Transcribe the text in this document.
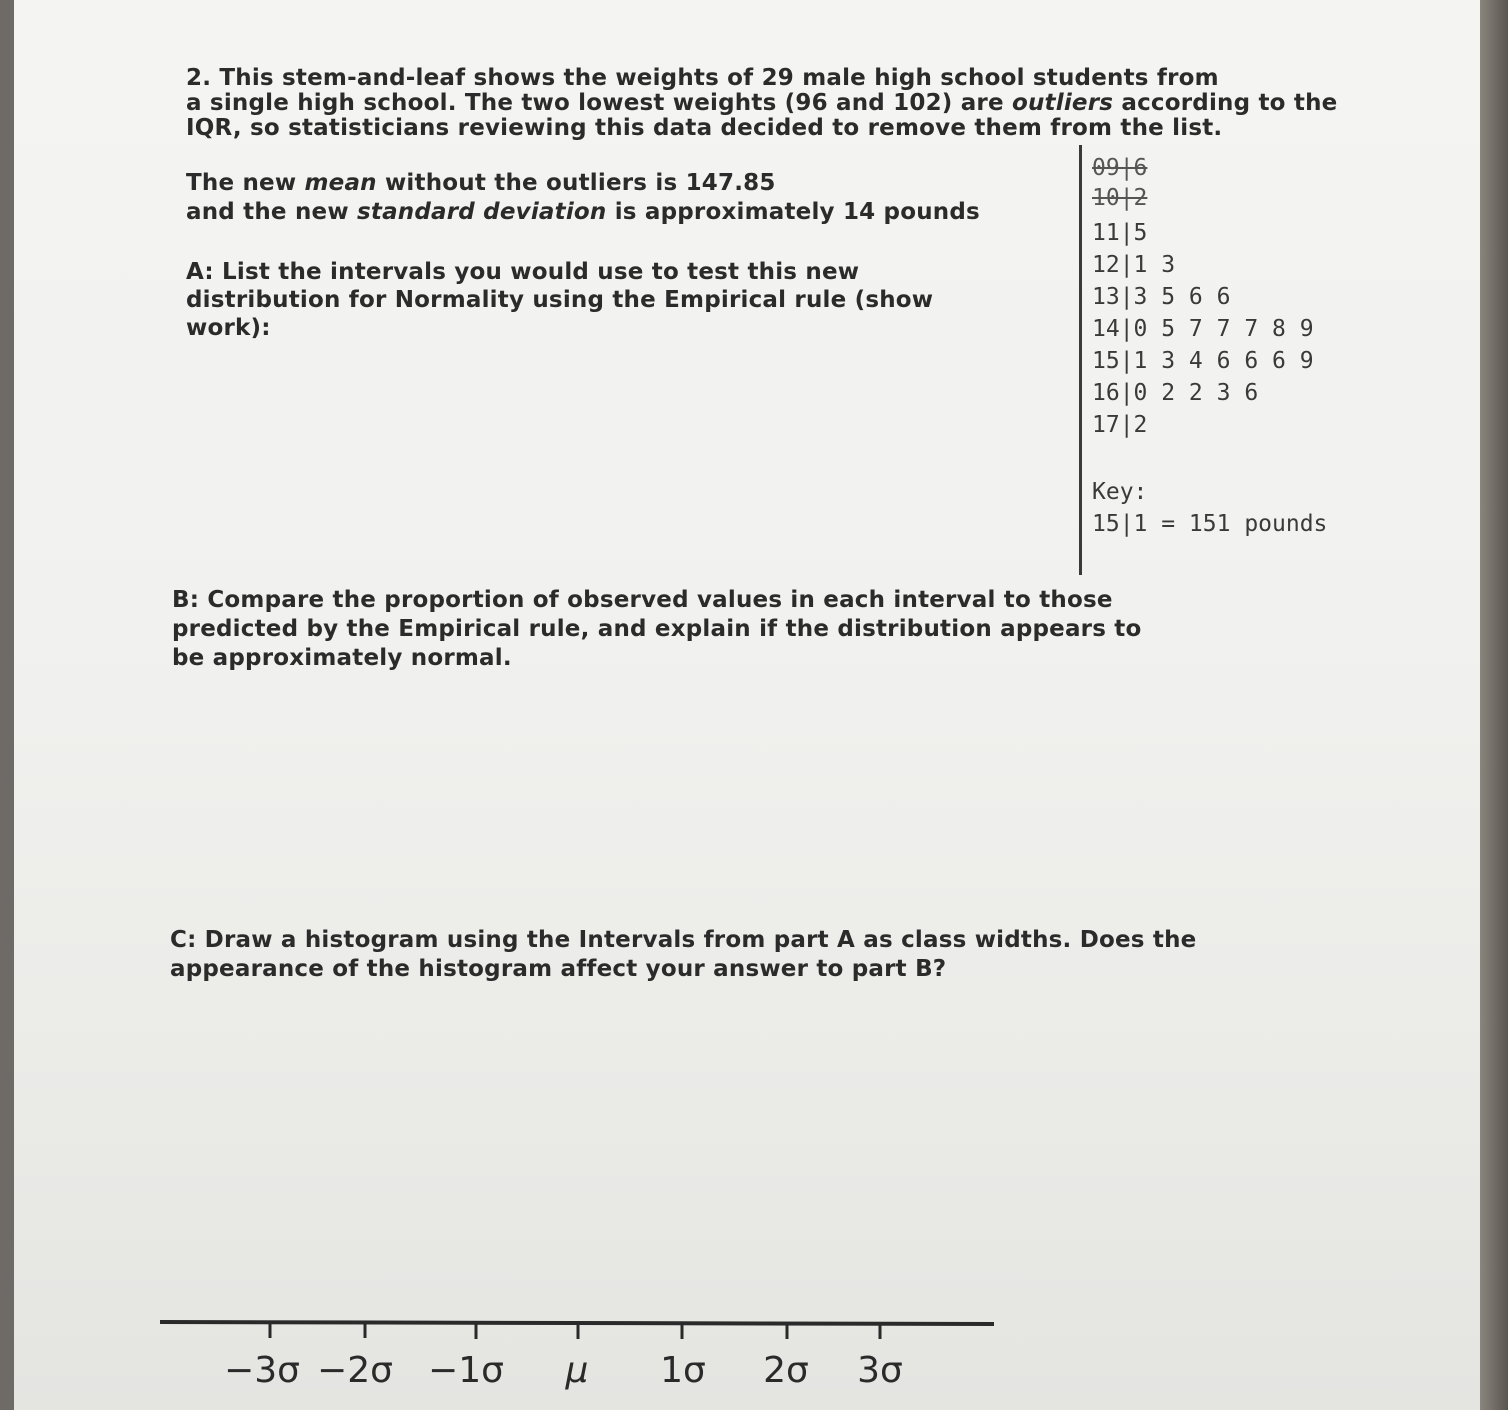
2. This stem-and-leaf shows the weights of 29 male high school students from
a single high school. The two lowest weights (96 and 102) are outliers according to the
IQR, so statisticians reviewing this data decided to remove them from the list.
The new mean without the outliers is 147.85
and the new standard deviation is approximately 14 pounds
A: List the intervals you would use to test this new
distribution for Normality using the Empirical rule (show
work):
09|6
10|2
11|5
12|1 3
13|3 5 6 6
14|0 5 7 7 7 8 9
15|1 3 4 6 6 6 9
16|0 2 2 3 6
17|2
Key:
15|1 = 151 pounds
B: Compare the proportion of observed values in each interval to those
predicted by the Empirical rule, and explain if the distribution appears to
be approximately normal.
C: Draw a histogram using the Intervals from part A as class widths. Does the
appearance of the histogram affect your answer to part B?
−3σ −2σ −1σ μ 1σ 2σ 3σ
